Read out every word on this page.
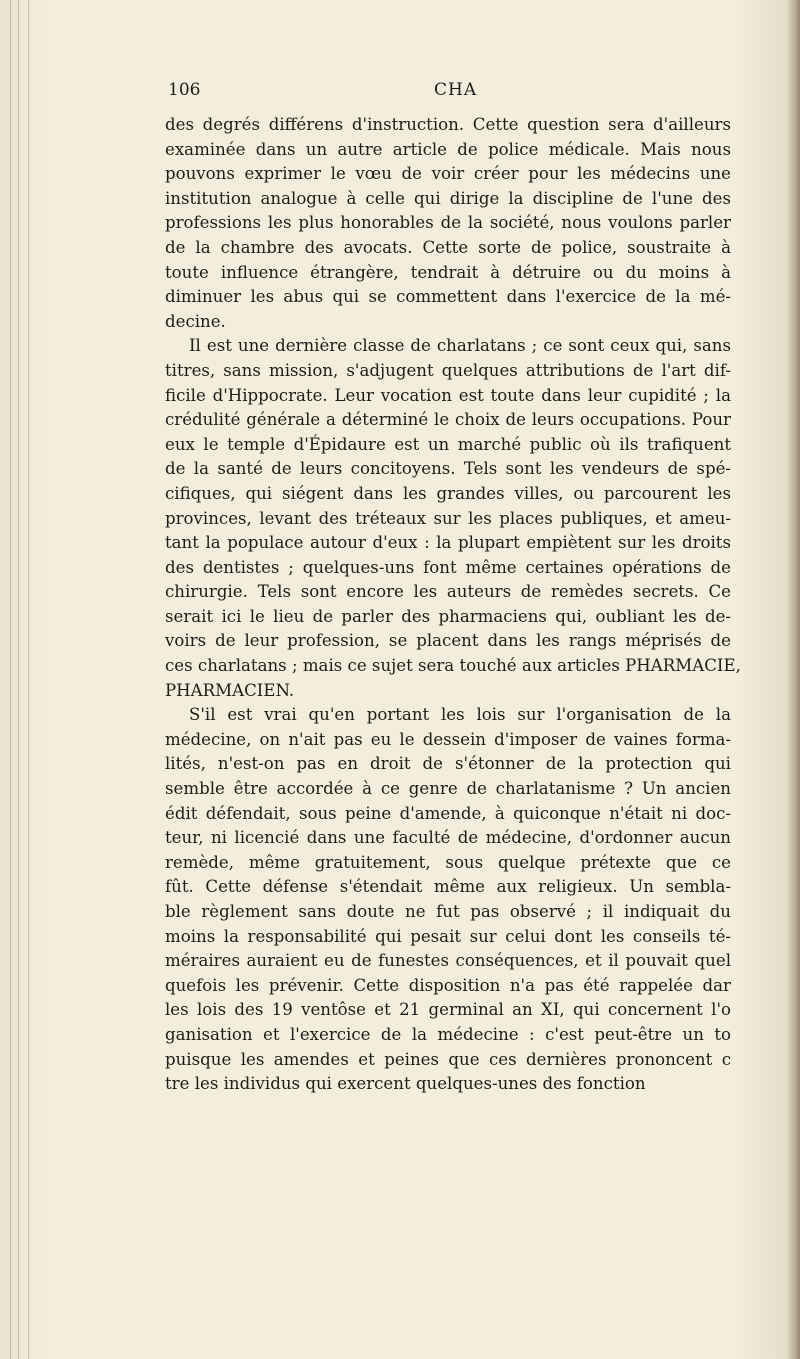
106	CHA
des degrés différens d'instruction. Cette question sera d'ailleurs
examinée dans un autre article de police médicale. Mais nous
pouvons exprimer le vœu de voir créer pour les médecins une
institution analogue à celle qui dirige la discipline de l'une des
professions les plus honorables de la société, nous voulons parler
de la chambre des avocats. Cette sorte de police, soustraite à
toute influence étrangère, tendrait à détruire ou du moins à
diminuer les abus qui se commettent dans l'exercice de la mé-
decine.
Il est une dernière classe de charlatans ; ce sont ceux qui, sans
titres, sans mission, s'adjugent quelques attributions de l'art dif-
ficile d'Hippocrate. Leur vocation est toute dans leur cupidité ; la
crédulité générale a déterminé le choix de leurs occupations. Pour
eux le temple d'Épidaure est un marché public où ils trafiquent
de la santé de leurs concitoyens. Tels sont les vendeurs de spé-
cifiques, qui siégent dans les grandes villes, ou parcourent les
provinces, levant des tréteaux sur les places publiques, et ameu-
tant la populace autour d'eux : la plupart empiètent sur les droits
des dentistes ; quelques-uns font même certaines opérations de
chirurgie. Tels sont encore les auteurs de remèdes secrets. Ce
serait ici le lieu de parler des pharmaciens qui, oubliant les de-
voirs de leur profession, se placent dans les rangs méprisés de
ces charlatans ; mais ce sujet sera touché aux articles PHARMACIE,
PHARMACIEN.
S'il est vrai qu'en portant les lois sur l'organisation de la
médecine, on n'ait pas eu le dessein d'imposer de vaines forma-
lités, n'est-on pas en droit de s'étonner de la protection qui
semble être accordée à ce genre de charlatanisme ? Un ancien
édit défendait, sous peine d'amende, à quiconque n'était ni doc-
teur, ni licencié dans une faculté de médecine, d'ordonner aucun
remède, même gratuitement, sous quelque prétexte que ce
fût. Cette défense s'étendait même aux religieux. Un sembla-
ble règlement sans doute ne fut pas observé ; il indiquait du
moins la responsabilité qui pesait sur celui dont les conseils té-
méraires auraient eu de funestes conséquences, et il pouvait quel
quefois les prévenir. Cette disposition n'a pas été rappelée dar
les lois des 19 ventôse et 21 germinal an XI, qui concernent l'o
ganisation et l'exercice de la médecine : c'est peut-être un to
puisque les amendes et peines que ces dernières prononcent c
tre les individus qui exercent quelques-unes des fonction
